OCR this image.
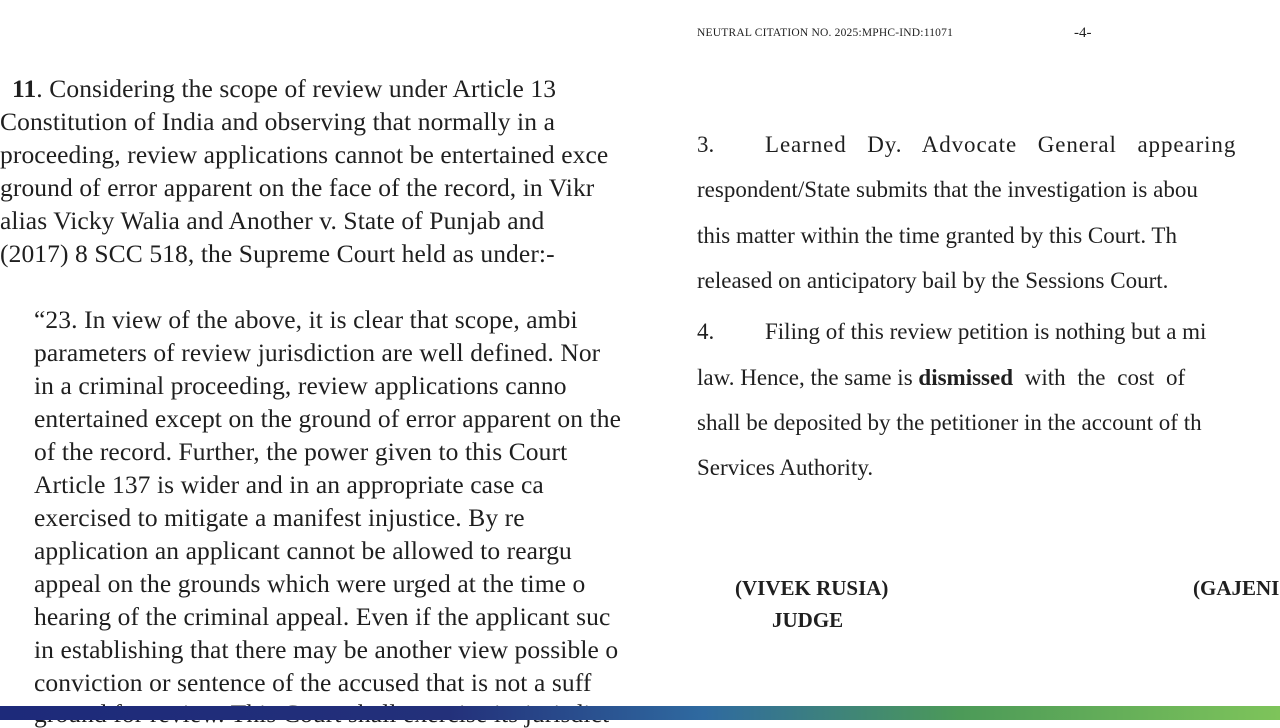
11. Considering the scope of review under Article 13
Constitution of India and observing that normally in a
proceeding, review applications cannot be entertained exce
ground of error apparent on the face of the record, in Vikr
alias Vicky Walia and Another v. State of Punjab and
(2017) 8 SCC 518, the Supreme Court held as under:-
“23. In view of the above, it is clear that scope, ambi
parameters of review jurisdiction are well defined. Nor
in a criminal proceeding, review applications canno
entertained except on the ground of error apparent on the
of the record. Further, the power given to this Court
Article 137 is wider and in an appropriate case ca
exercised to mitigate a manifest injustice. By re
application an applicant cannot be allowed to reargu
appeal on the grounds which were urged at the time o
hearing of the criminal appeal. Even if the applicant suc
in establishing that there may be another view possible o
conviction or sentence of the accused that is not a suff
NEUTRAL CITATION NO. 2025:MPHC-IND:11071	-4-
3. Learned Dy. Advocate General appearing
respondent/State submits that the investigation is abou
this matter within the time granted by this Court. Th
released on anticipatory bail by the Sessions Court.
4. Filing of this review petition is nothing but a mi
law. Hence, the same is dismissed with the cost of
shall be deposited by the petitioner in the account of th
Services Authority.
(VIVEK RUSIA)
JUDGE
(GAJENI
